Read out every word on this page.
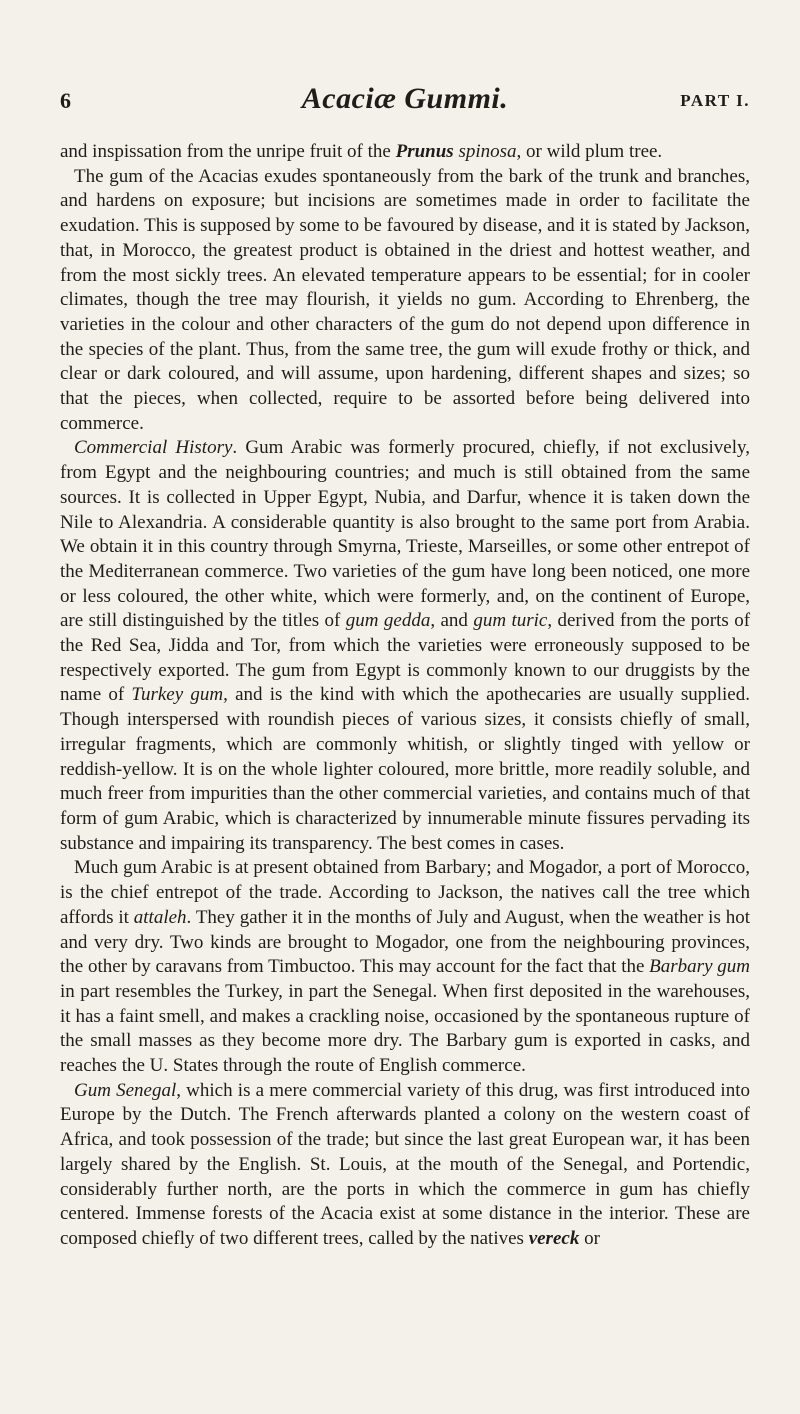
6	Acaciæ Gummi.	PART I.

and inspissation from the unripe fruit of the Prunus spinosa, or wild plum tree.

The gum of the Acacias exudes spontaneously from the bark of the trunk and branches, and hardens on exposure; but incisions are sometimes made in order to facilitate the exudation. This is supposed by some to be favoured by disease, and it is stated by Jackson, that, in Morocco, the greatest product is obtained in the driest and hottest weather, and from the most sickly trees. An elevated temperature appears to be essential; for in cooler climates, though the tree may flourish, it yields no gum. According to Ehrenberg, the varieties in the colour and other characters of the gum do not depend upon difference in the species of the plant. Thus, from the same tree, the gum will exude frothy or thick, and clear or dark coloured, and will assume, upon hardening, different shapes and sizes; so that the pieces, when collected, require to be assorted before being delivered into commerce.

Commercial History. Gum Arabic was formerly procured, chiefly, if not exclusively, from Egypt and the neighbouring countries; and much is still obtained from the same sources. It is collected in Upper Egypt, Nubia, and Darfur, whence it is taken down the Nile to Alexandria. A considerable quantity is also brought to the same port from Arabia. We obtain it in this country through Smyrna, Trieste, Marseilles, or some other entrepot of the Mediterranean commerce. Two varieties of the gum have long been noticed, one more or less coloured, the other white, which were formerly, and, on the continent of Europe, are still distinguished by the titles of gum gedda, and gum turic, derived from the ports of the Red Sea, Jidda and Tor, from which the varieties were erroneously supposed to be respectively exported. The gum from Egypt is commonly known to our druggists by the name of Turkey gum, and is the kind with which the apothecaries are usually supplied. Though interspersed with roundish pieces of various sizes, it consists chiefly of small, irregular fragments, which are commonly whitish, or slightly tinged with yellow or reddish-yellow. It is on the whole lighter coloured, more brittle, more readily soluble, and much freer from impurities than the other commercial varieties, and contains much of that form of gum Arabic, which is characterized by innumerable minute fissures pervading its substance and impairing its transparency. The best comes in cases.

Much gum Arabic is at present obtained from Barbary; and Mogador, a port of Morocco, is the chief entrepot of the trade. According to Jackson, the natives call the tree which affords it attaleh. They gather it in the months of July and August, when the weather is hot and very dry. Two kinds are brought to Mogador, one from the neighbouring provinces, the other by caravans from Timbuctoo. This may account for the fact that the Barbary gum in part resembles the Turkey, in part the Senegal. When first deposited in the warehouses, it has a faint smell, and makes a crackling noise, occasioned by the spontaneous rupture of the small masses as they become more dry. The Barbary gum is exported in casks, and reaches the U. States through the route of English commerce.

Gum Senegal, which is a mere commercial variety of this drug, was first introduced into Europe by the Dutch. The French afterwards planted a colony on the western coast of Africa, and took possession of the trade; but since the last great European war, it has been largely shared by the English. St. Louis, at the mouth of the Senegal, and Portendic, considerably further north, are the ports in which the commerce in gum has chiefly centered. Immense forests of the Acacia exist at some distance in the interior. These are composed chiefly of two different trees, called by the natives vereck or
